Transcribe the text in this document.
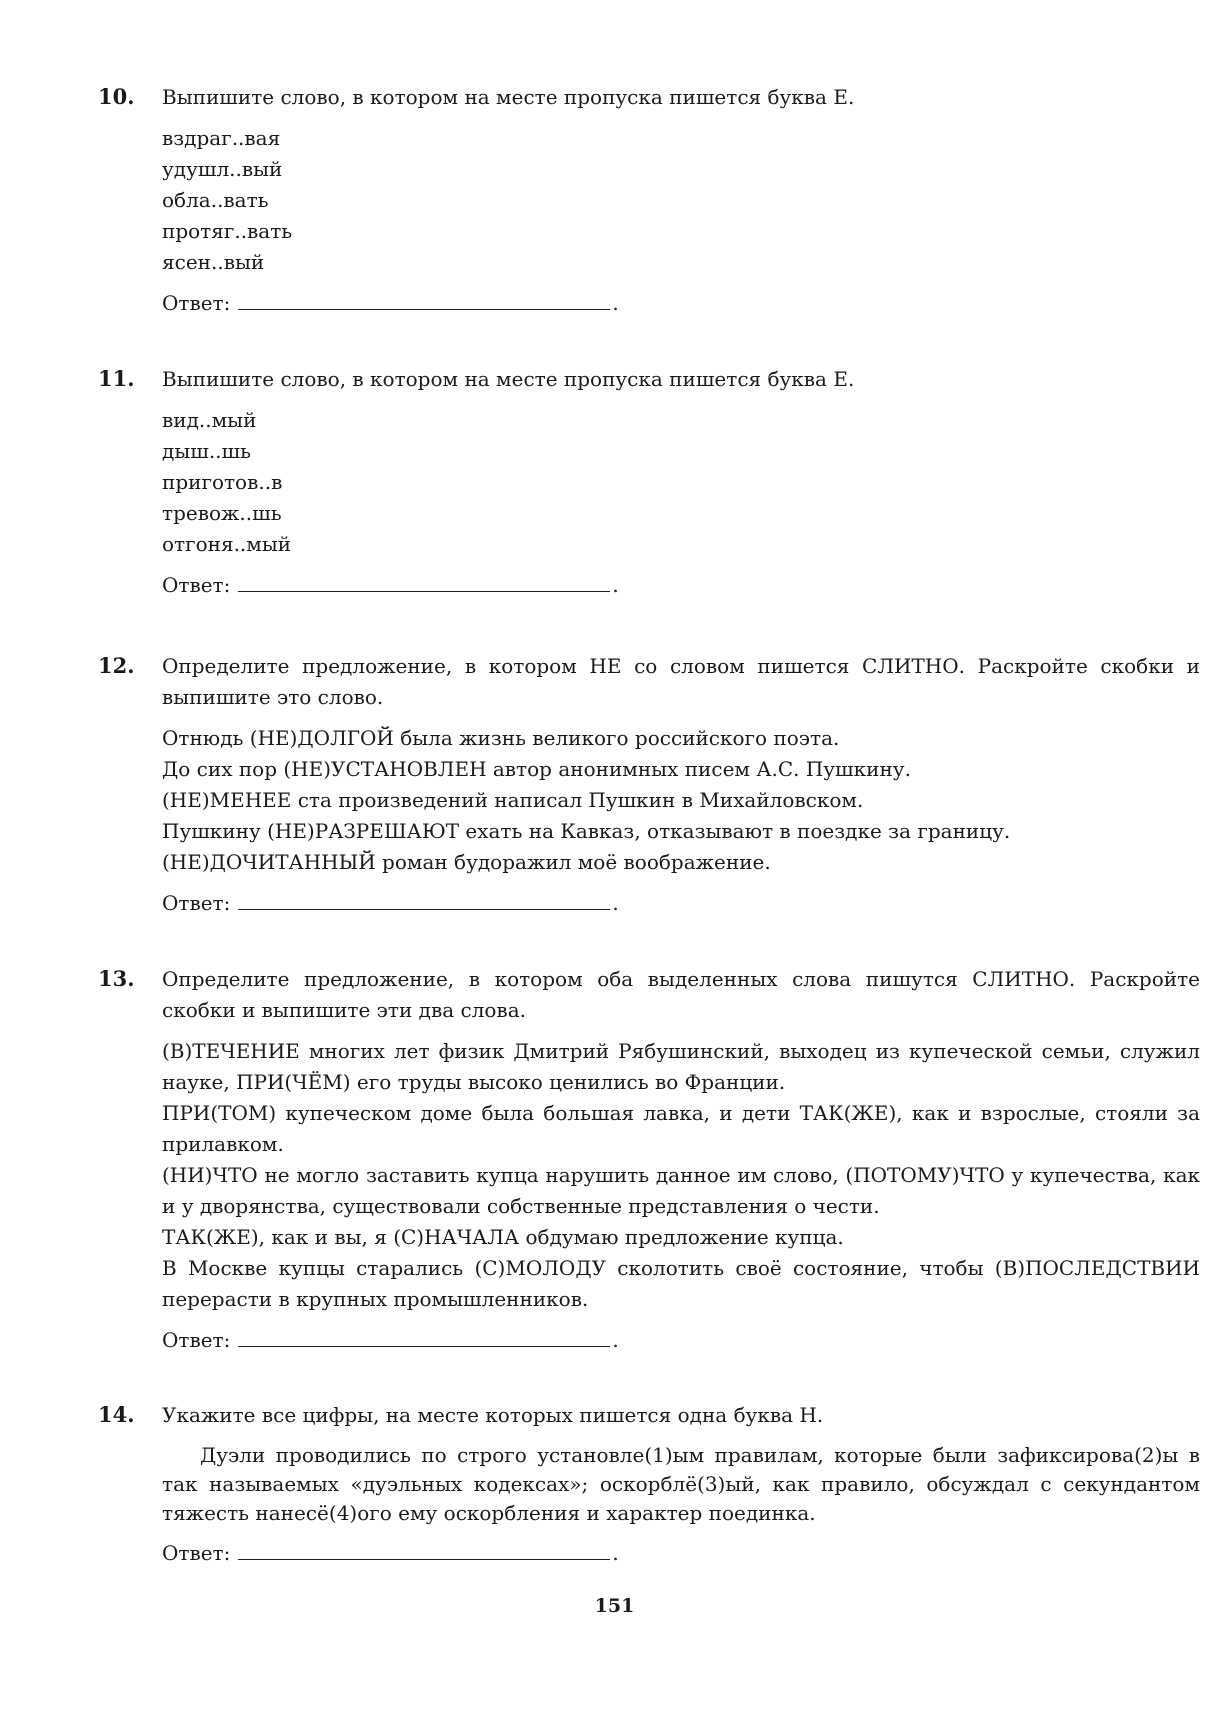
10.	Выпишите слово, в котором на месте пропуска пишется буква Е.
вздраг..вая
удушл..вый
обла..вать
протяг..вать
ясен..вый
Ответ:	.
11.	Выпишите слово, в котором на месте пропуска пишется буква Е.
вид..мый
дыш..шь
приготов..в
тревож..шь
отгоня..мый
Ответ:	.
12.	Определите предложение, в котором НЕ со словом пишется СЛИТНО. Раскройте скобки и выпишите это слово.
Отнюдь (НЕ)ДОЛГОЙ была жизнь великого российского поэта.
До сих пор (НЕ)УСТАНОВЛЕН автор анонимных писем А.С. Пушкину.
(НЕ)МЕНЕЕ ста произведений написал Пушкин в Михайловском.
Пушкину (НЕ)РАЗРЕШАЮТ ехать на Кавказ, отказывают в поездке за границу.
(НЕ)ДОЧИТАННЫЙ роман будоражил моё воображение.
Ответ:	.
13.	Определите предложение, в котором оба выделенных слова пишутся СЛИТНО. Раскройте скобки и выпишите эти два слова.
(В)ТЕЧЕНИЕ многих лет физик Дмитрий Рябушинский, выходец из купеческой семьи, служил науке, ПРИ(ЧЁМ) его труды высоко ценились во Франции.
ПРИ(ТОМ) купеческом доме была большая лавка, и дети ТАК(ЖЕ), как и взрослые, стояли за прилавком.
(НИ)ЧТО не могло заставить купца нарушить данное им слово, (ПОТОМУ)ЧТО у купечества, как и у дворянства, существовали собственные представления о чести.
ТАК(ЖЕ), как и вы, я (С)НАЧАЛА обдумаю предложение купца.
В Москве купцы старались (С)МОЛОДУ сколотить своё состояние, чтобы (В)ПОСЛЕДСТВИИ перерасти в крупных промышленников.
Ответ:	.
14.	Укажите все цифры, на месте которых пишется одна буква Н.
Дуэли проводились по строго установле(1)ым правилам, которые были зафиксирова(2)ы в так называемых «дуэльных кодексах»; оскорблё(3)ый, как правило, обсуждал с секундантом тяжесть нанесё(4)ого ему оскорбления и характер поединка.
Ответ:	.
151
